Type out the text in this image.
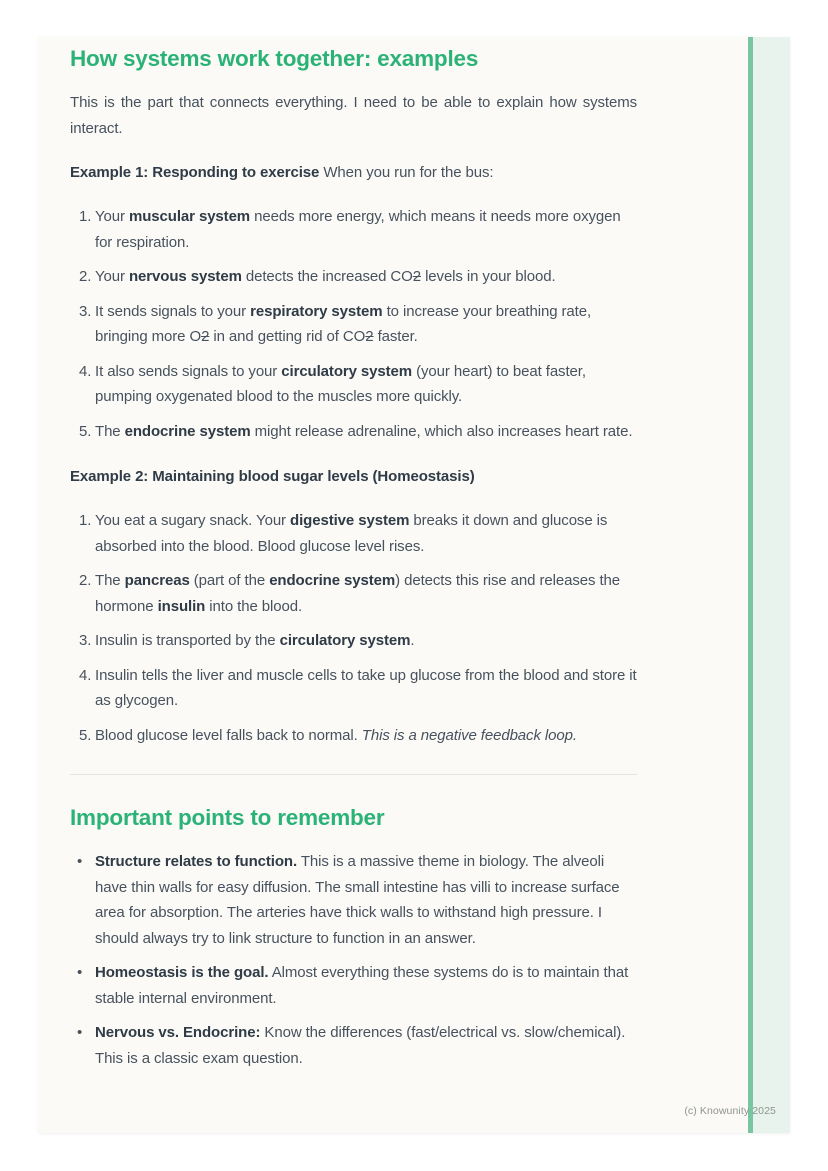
How systems work together: examples

This is the part that connects everything. I need to be able to explain how systems interact.

Example 1: Responding to exercise When you run for the bus:

1. Your muscular system needs more energy, which means it needs more oxygen for respiration.
2. Your nervous system detects the increased CO2 levels in your blood.
3. It sends signals to your respiratory system to increase your breathing rate, bringing more O2 in and getting rid of CO2 faster.
4. It also sends signals to your circulatory system (your heart) to beat faster, pumping oxygenated blood to the muscles more quickly.
5. The endocrine system might release adrenaline, which also increases heart rate.

Example 2: Maintaining blood sugar levels (Homeostasis)

1. You eat a sugary snack. Your digestive system breaks it down and glucose is absorbed into the blood. Blood glucose level rises.
2. The pancreas (part of the endocrine system) detects this rise and releases the hormone insulin into the blood.
3. Insulin is transported by the circulatory system.
4. Insulin tells the liver and muscle cells to take up glucose from the blood and store it as glycogen.
5. Blood glucose level falls back to normal. This is a negative feedback loop.
Important points to remember
• Structure relates to function. This is a massive theme in biology. The alveoli have thin walls for easy diffusion. The small intestine has villi to increase surface area for absorption. The arteries have thick walls to withstand high pressure. I should always try to link structure to function in an answer.
• Homeostasis is the goal. Almost everything these systems do is to maintain that stable internal environment.
• Nervous vs. Endocrine: Know the differences (fast/electrical vs. slow/chemical). This is a classic exam question.
(c) Knowunity 2025
